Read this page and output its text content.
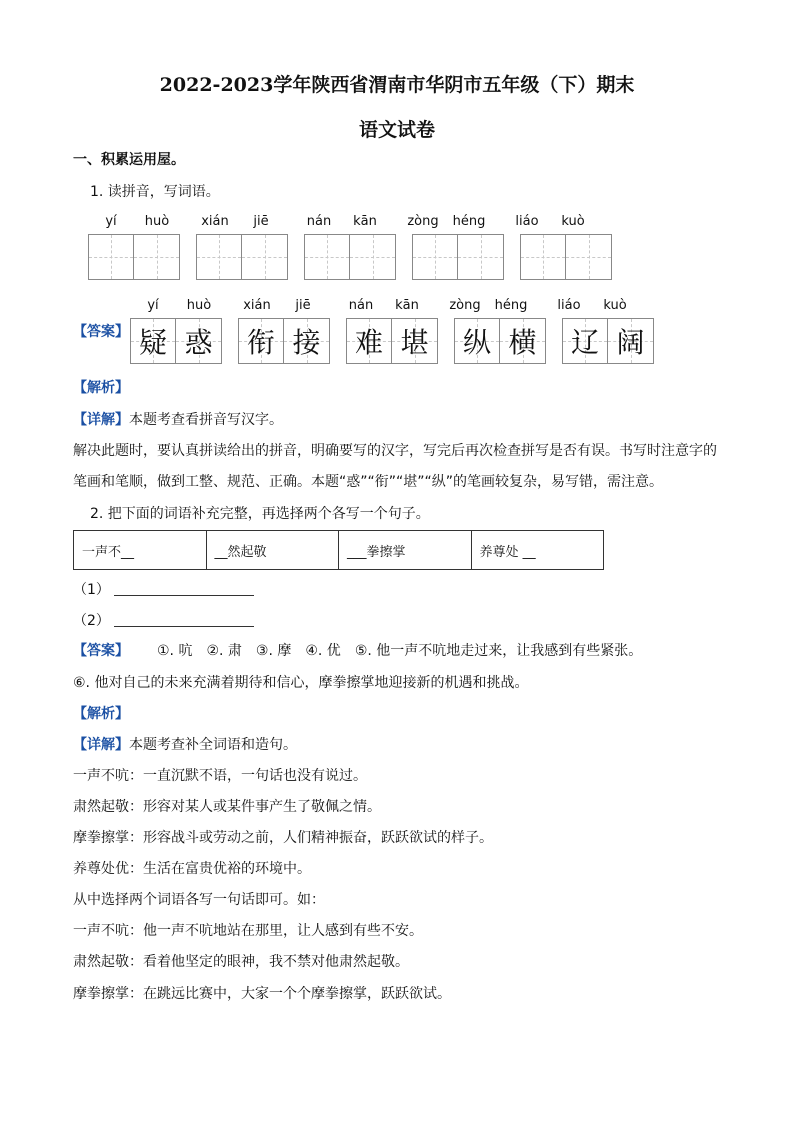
2022-2023学年陕西省渭南市华阴市五年级（下）期末
语文试卷
一、积累运用屋。
1. 读拼音，写词语。
yí	huò	xián	jiē	nán	kān	zòng	héng	liáo	kuò
【答案】
yí	huò	xián	jiē	nán	kān	zòng	héng	liáo	kuò
疑 惑	衔 接	难 堪	纵 横	辽 阔
【解析】
【详解】本题考查看拼音写汉字。
解决此题时，要认真拼读给出的拼音，明确要写的汉字，写完后再次检查拼写是否有误。书写时注意字的
笔画和笔顺，做到工整、规范、正确。本题“惑”“衔”“堪”“纵”的笔画较复杂，易写错，需注意。
2. 把下面的词语补充完整，再选择两个各写一个句子。
一声不__	__然起敬	___拳擦掌	养尊处 __
（1）
（2）
【答案】 ①. 吭 ②. 肃 ③. 摩 ④. 优 ⑤. 他一声不吭地走过来，让我感到有些紧张。
⑥. 他对自己的未来充满着期待和信心，摩拳擦掌地迎接新的机遇和挑战。
【解析】
【详解】本题考查补全词语和造句。
一声不吭：一直沉默不语，一句话也没有说过。
肃然起敬：形容对某人或某件事产生了敬佩之情。
摩拳擦掌：形容战斗或劳动之前，人们精神振奋，跃跃欲试的样子。
养尊处优：生活在富贵优裕的环境中。
从中选择两个词语各写一句话即可。如：
一声不吭：他一声不吭地站在那里，让人感到有些不安。
肃然起敬：看着他坚定的眼神，我不禁对他肃然起敬。
摩拳擦掌：在跳远比赛中，大家一个个摩拳擦掌，跃跃欲试。
